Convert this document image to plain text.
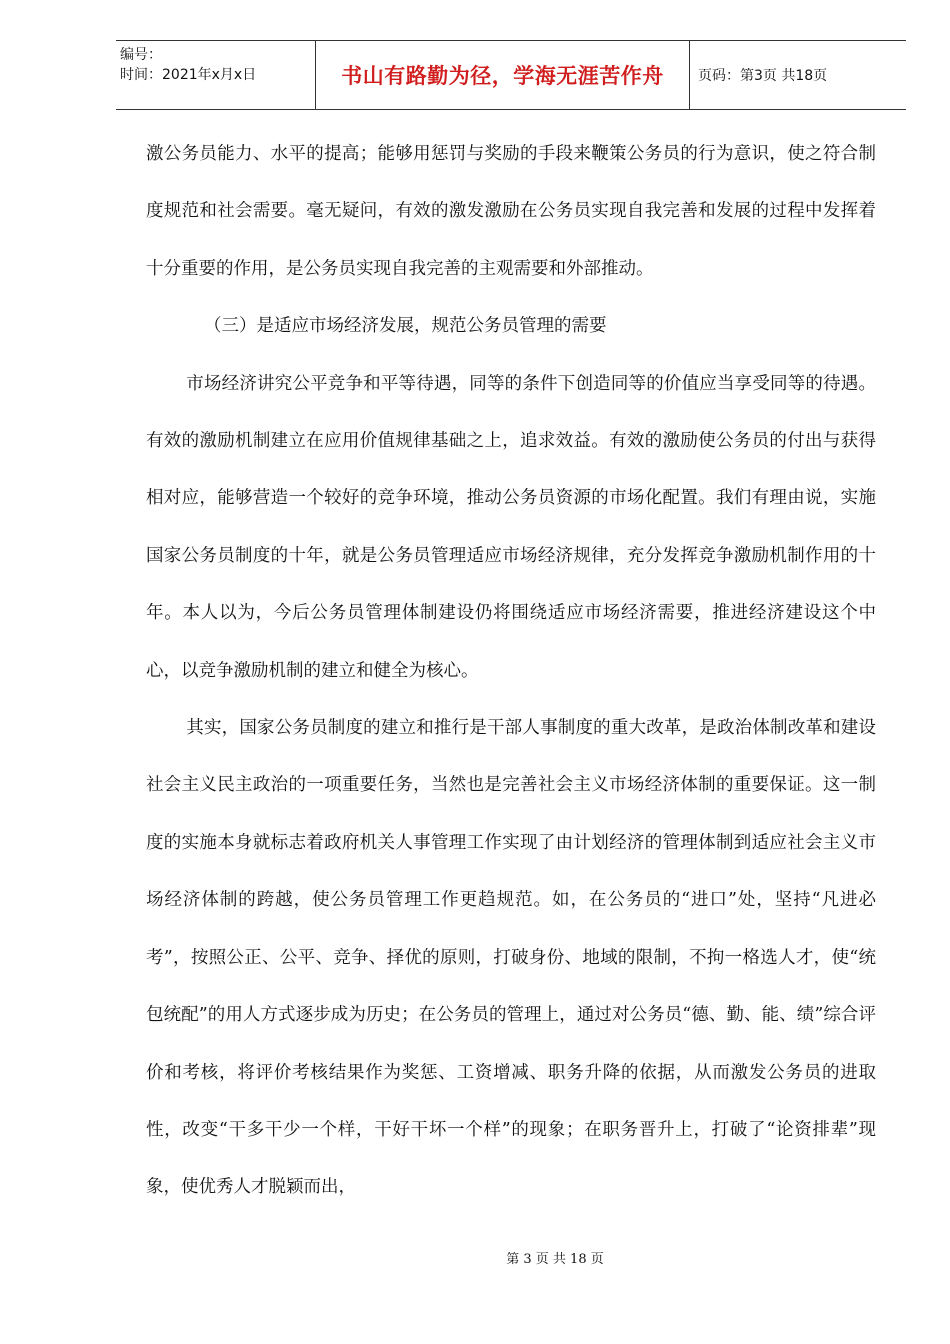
编号：
时间：2021年x月x日	书山有路勤为径，学海无涯苦作舟	页码：第3页 共18页

激公务员能力、水平的提高；能够用惩罚与奖励的手段来鞭策公务员的行为意识，使之符合制度规范和社会需要。毫无疑问，有效的激发激励在公务员实现自我完善和发展的过程中发挥着十分重要的作用，是公务员实现自我完善的主观需要和外部推动。

（三）是适应市场经济发展，规范公务员管理的需要

市场经济讲究公平竞争和平等待遇，同等的条件下创造同等的价值应当享受同等的待遇。有效的激励机制建立在应用价值规律基础之上，追求效益。有效的激励使公务员的付出与获得相对应，能够营造一个较好的竞争环境，推动公务员资源的市场化配置。我们有理由说，实施国家公务员制度的十年，就是公务员管理适应市场经济规律，充分发挥竞争激励机制作用的十年。本人以为，今后公务员管理体制建设仍将围绕适应市场经济需要，推进经济建设这个中心，以竞争激励机制的建立和健全为核心。

其实，国家公务员制度的建立和推行是干部人事制度的重大改革，是政治体制改革和建设社会主义民主政治的一项重要任务，当然也是完善社会主义市场经济体制的重要保证。这一制度的实施本身就标志着政府机关人事管理工作实现了由计划经济的管理体制到适应社会主义市场经济体制的跨越，使公务员管理工作更趋规范。如，在公务员的“进口”处，坚持“凡进必考”，按照公正、公平、竞争、择优的原则，打破身份、地域的限制，不拘一格选人才，使“统包统配”的用人方式逐步成为历史；在公务员的管理上，通过对公务员“德、勤、能、绩”综合评价和考核，将评价考核结果作为奖惩、工资增减、职务升降的依据，从而激发公务员的进取性，改变“干多干少一个样，干好干坏一个样”的现象；在职务晋升上，打破了“论资排辈”现象，使优秀人才脱颖而出，

第 3 页 共 18 页
